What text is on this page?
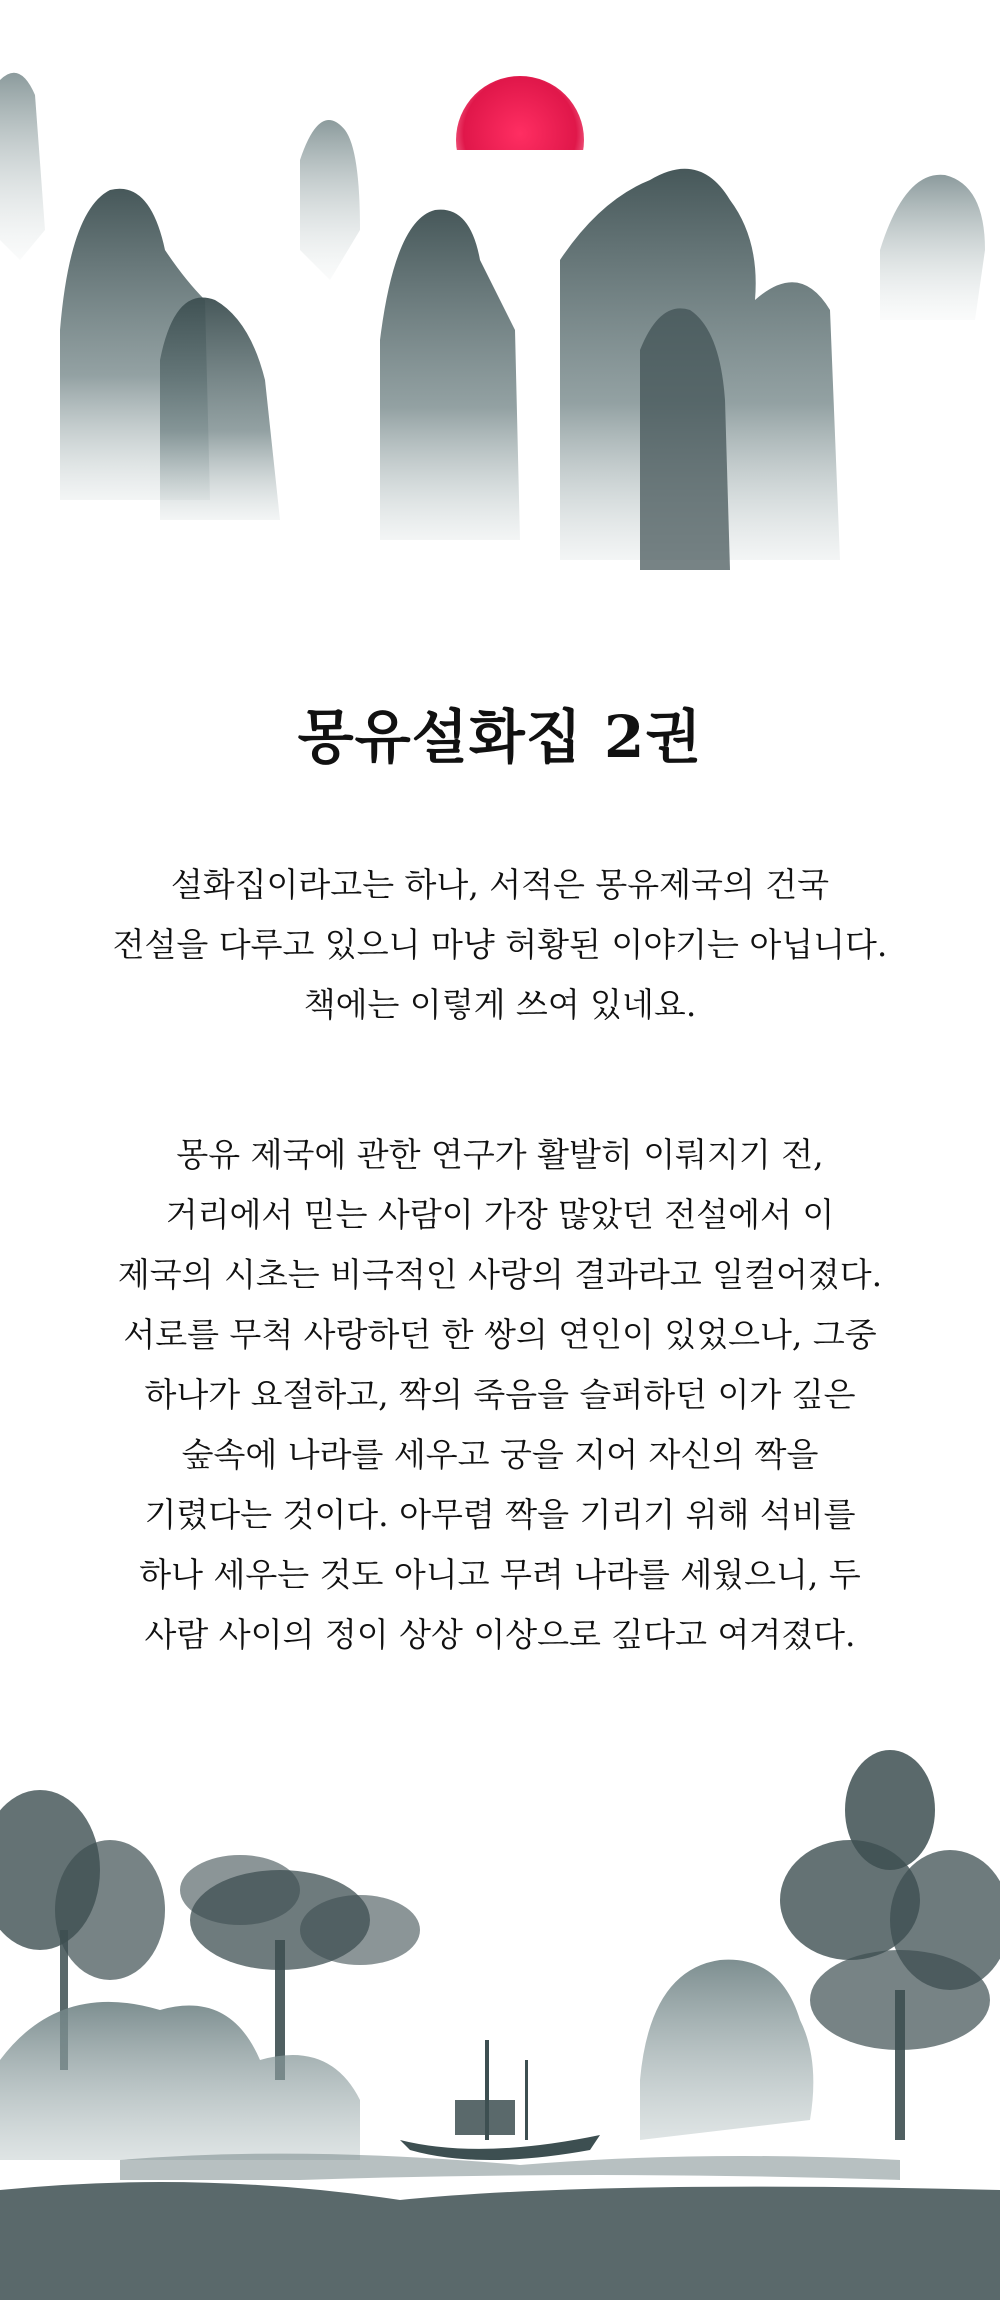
몽유설화집 2권

설화집이라고는 하나, 서적은 몽유제국의 건국
전설을 다루고 있으니 마냥 허황된 이야기는 아닙니다.
책에는 이렇게 쓰여 있네요.

몽유 제국에 관한 연구가 활발히 이뤄지기 전,
거리에서 믿는 사람이 가장 많았던 전설에서 이
제국의 시초는 비극적인 사랑의 결과라고 일컬어졌다.
서로를 무척 사랑하던 한 쌍의 연인이 있었으나, 그중
하나가 요절하고, 짝의 죽음을 슬퍼하던 이가 깊은
숲속에 나라를 세우고 궁을 지어 자신의 짝을
기렸다는 것이다. 아무렴 짝을 기리기 위해 석비를
하나 세우는 것도 아니고 무려 나라를 세웠으니, 두
사람 사이의 정이 상상 이상으로 깊다고 여겨졌다.
